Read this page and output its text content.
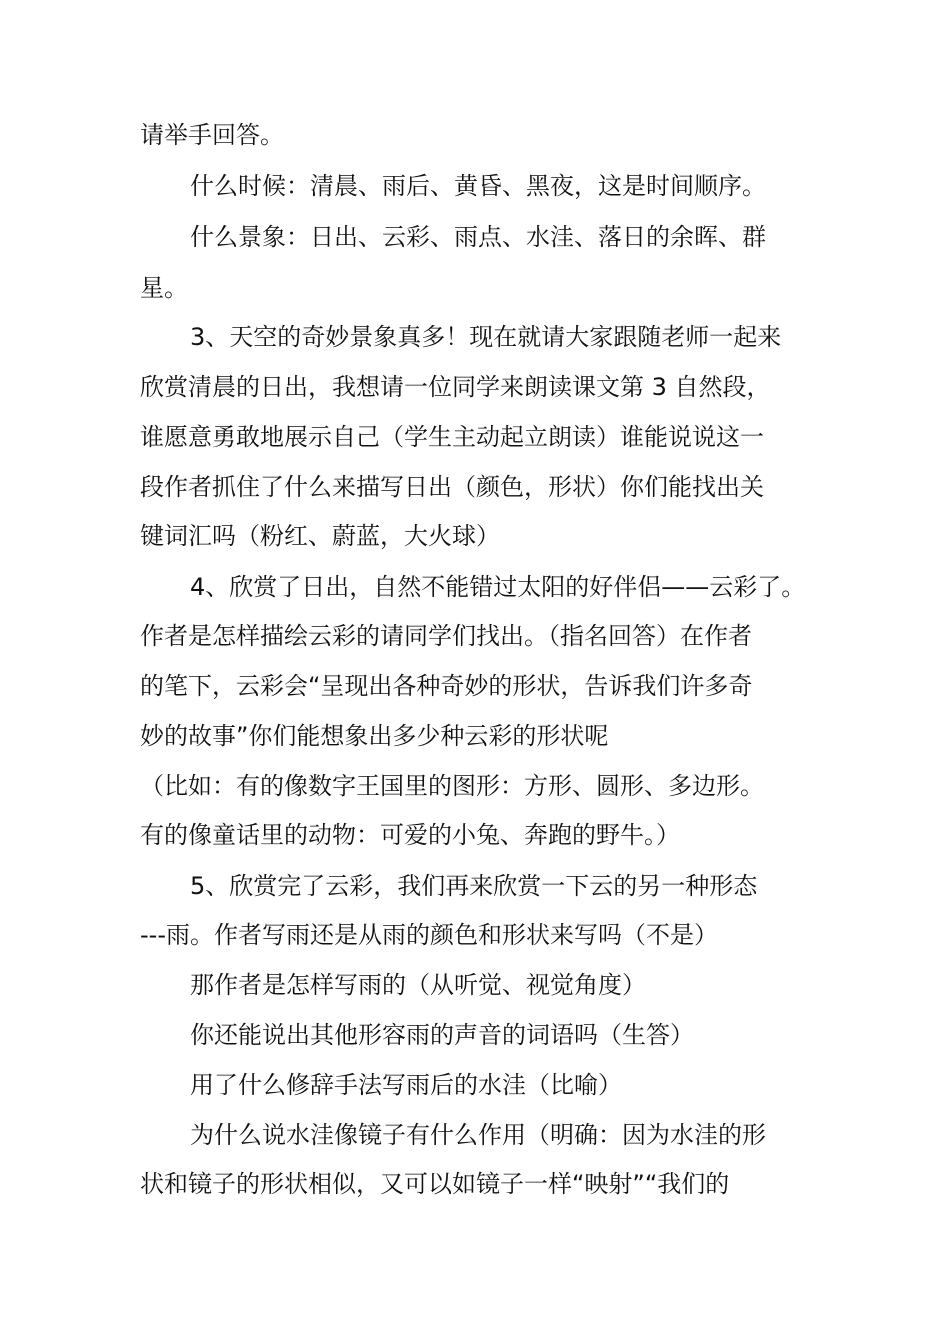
请举手回答。

什么时候：清晨、雨后、黄昏、黑夜，这是时间顺序。

什么景象：日出、云彩、雨点、水洼、落日的余晖、群

星。

3、天空的奇妙景象真多！现在就请大家跟随老师一起来

欣赏清晨的日出，我想请一位同学来朗读课文第 3 自然段，

谁愿意勇敢地展示自己（学生主动起立朗读）谁能说说这一

段作者抓住了什么来描写日出（颜色，形状）你们能找出关

键词汇吗（粉红、蔚蓝，大火球）

4、欣赏了日出，自然不能错过太阳的好伴侣——云彩了。

作者是怎样描绘云彩的请同学们找出。（指名回答）在作者

的笔下，云彩会“呈现出各种奇妙的形状，告诉我们许多奇

妙的故事”你们能想象出多少种云彩的形状呢

（比如：有的像数字王国里的图形：方形、圆形、多边形。

有的像童话里的动物：可爱的小兔、奔跑的野牛。）

5、欣赏完了云彩，我们再来欣赏一下云的另一种形态

---雨。作者写雨还是从雨的颜色和形状来写吗（不是）

那作者是怎样写雨的（从听觉、视觉角度）

你还能说出其他形容雨的声音的词语吗（生答）

用了什么修辞手法写雨后的水洼（比喻）

为什么说水洼像镜子有什么作用（明确：因为水洼的形

状和镜子的形状相似，又可以如镜子一样“映射”“我们的
